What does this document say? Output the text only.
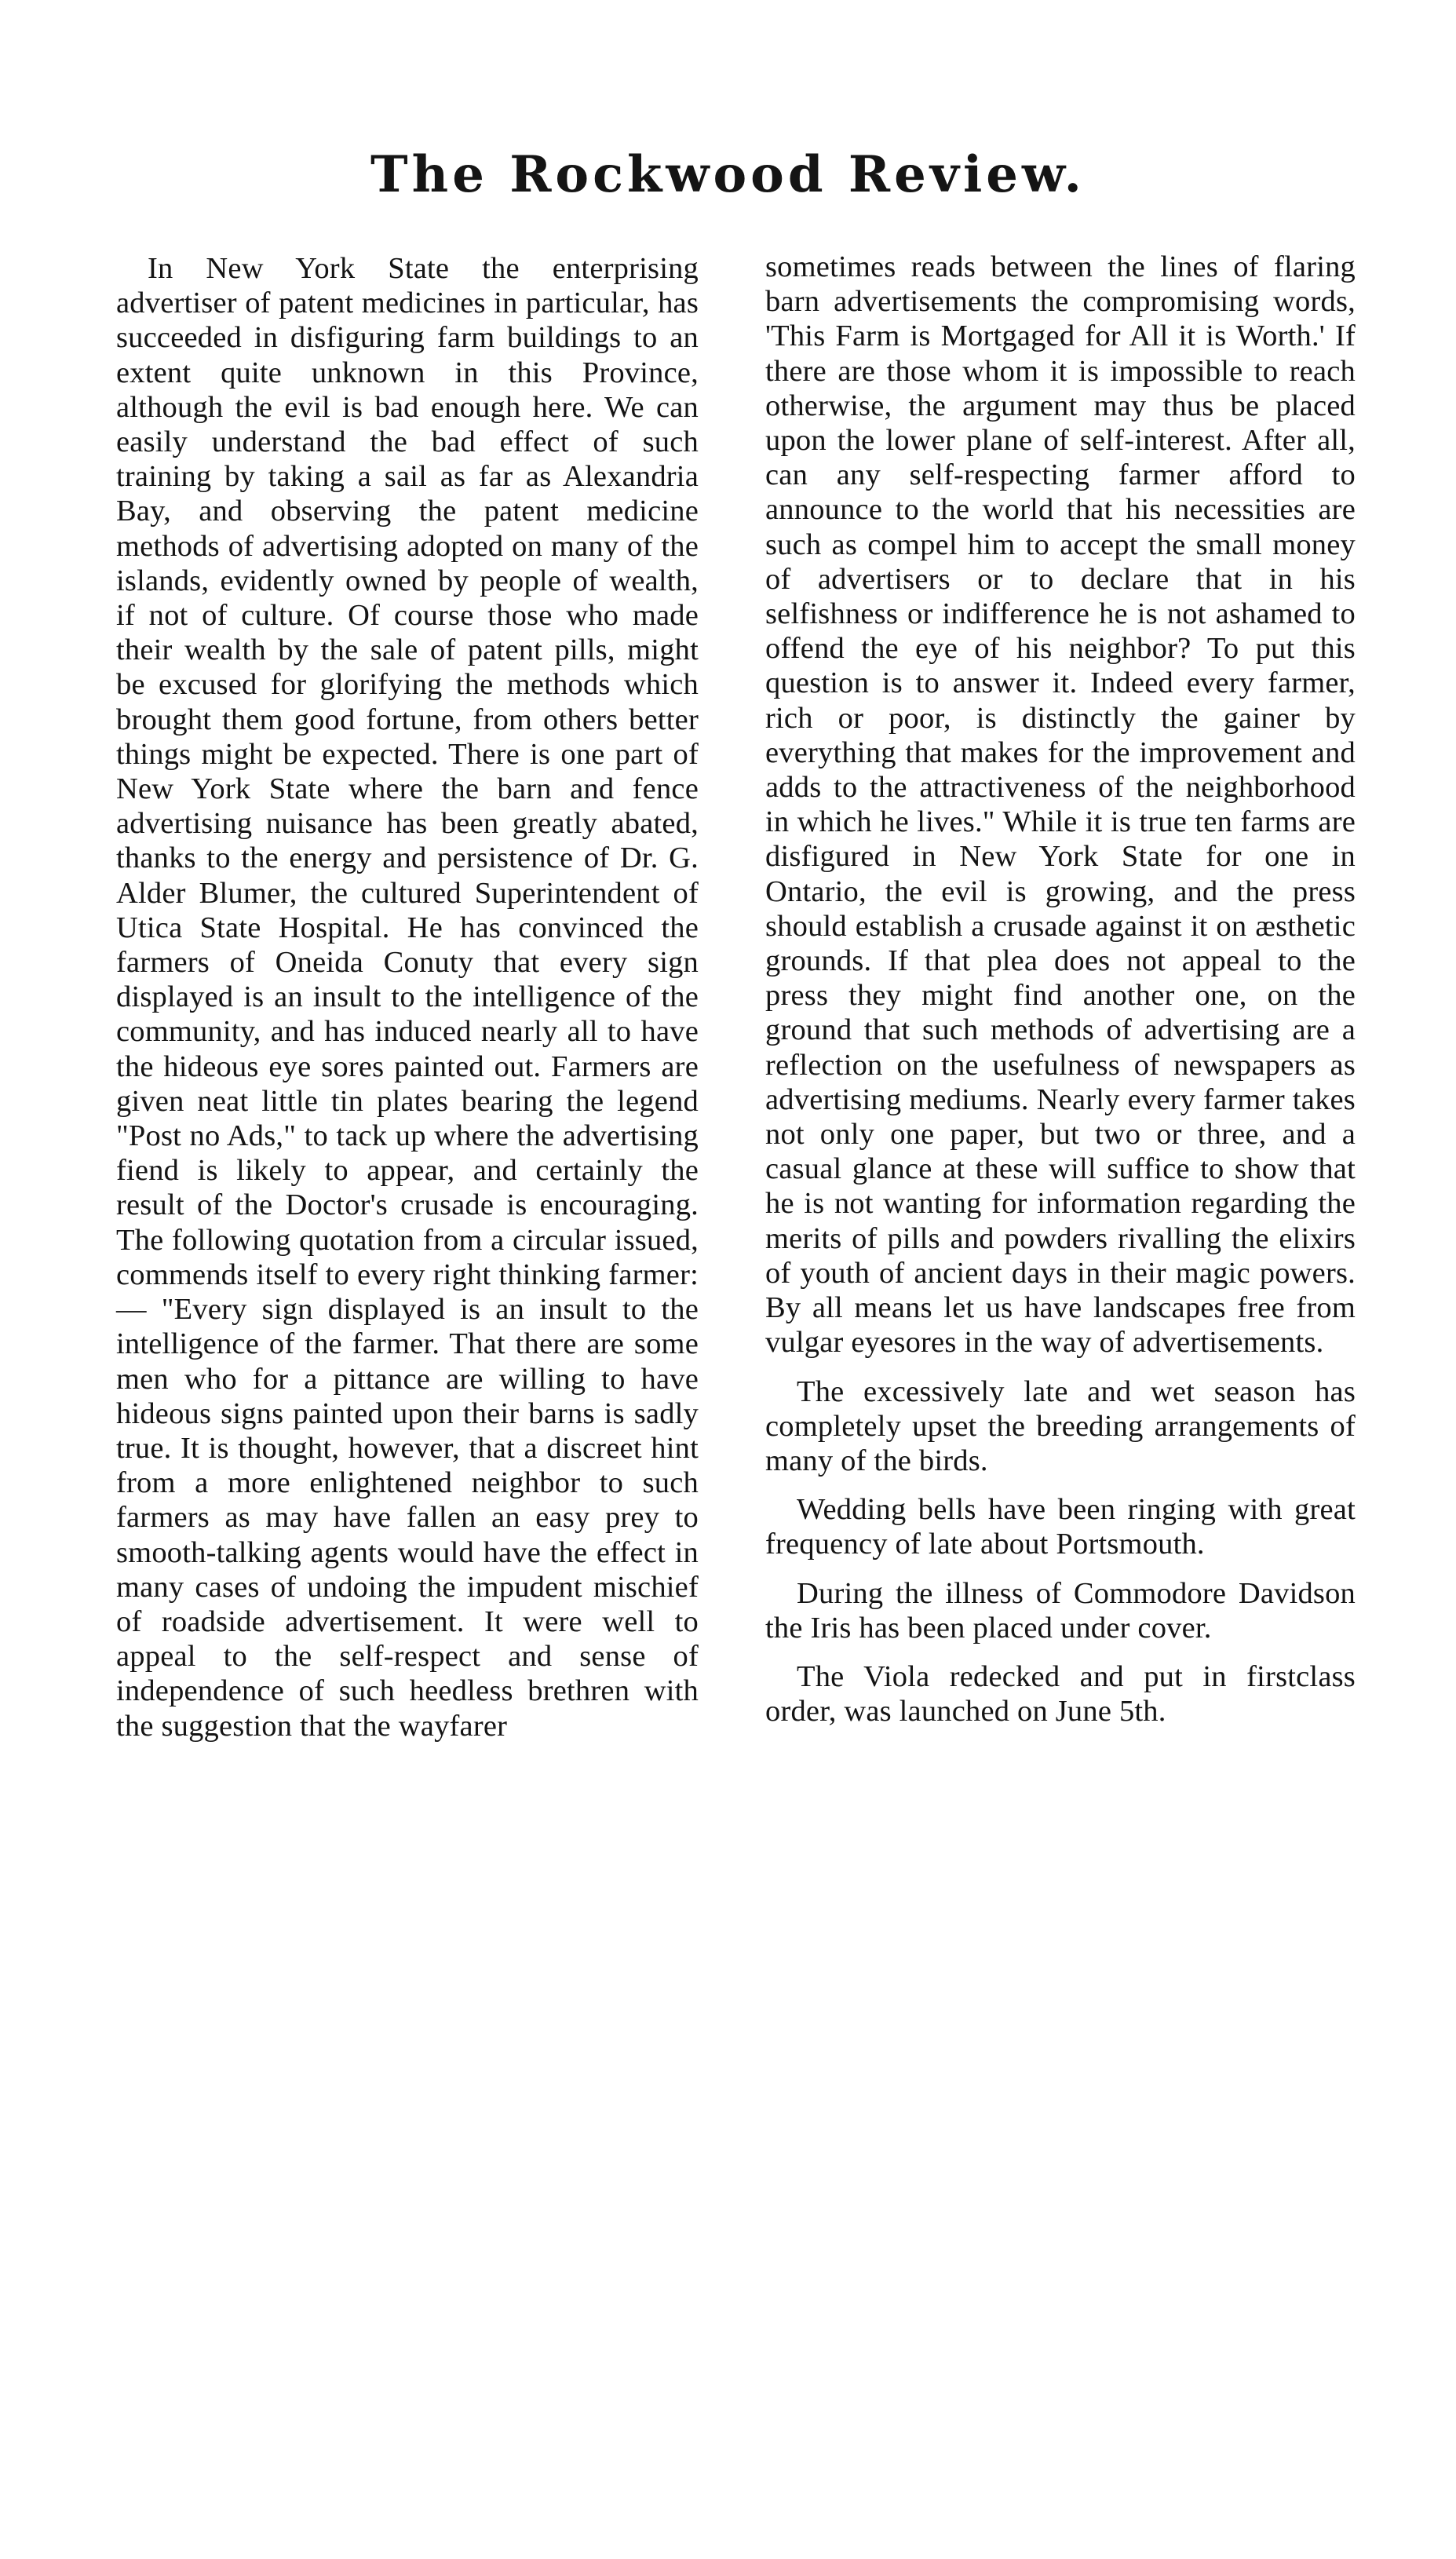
The Rockwood Review.

In New York State the enterprising advertiser of patent medicines in particular, has succeeded in disfiguring farm buildings to an extent quite unknown in this Province, although the evil is bad enough here. We can easily understand the bad effect of such training by taking a sail as far as Alexandria Bay, and observing the patent medicine methods of advertising adopted on many of the islands, evidently owned by people of wealth, if not of culture. Of course those who made their wealth by the sale of patent pills, might be excused for glorifying the methods which brought them good fortune, from others better things might be expected. There is one part of New York State where the barn and fence advertising nuisance has been greatly abated, thanks to the energy and persistence of Dr. G. Alder Blumer, the cultured Superintendent of Utica State Hospital. He has convinced the farmers of Oneida Conuty that every sign displayed is an insult to the intelligence of the community, and has induced nearly all to have the hideous eye sores painted out. Farmers are given neat little tin plates bearing the legend "Post no Ads," to tack up where the advertising fiend is likely to appear, and certainly the result of the Doctor's crusade is encouraging. The following quotation from a circular issued, commends itself to every right thinking farmer: — "Every sign displayed is an insult to the intelligence of the farmer. That there are some men who for a pittance are willing to have hideous signs painted upon their barns is sadly true. It is thought, however, that a discreet hint from a more enlightened neighbor to such farmers as may have fallen an easy prey to smooth-talking agents would have the effect in many cases of undoing the impudent mischief of roadside advertisement. It were well to appeal to the self-respect and sense of independence of such heedless brethren with the suggestion that the wayfarer

sometimes reads between the lines of flaring barn advertisements the compromising words, 'This Farm is Mortgaged for All it is Worth.' If there are those whom it is impossible to reach otherwise, the argument may thus be placed upon the lower plane of self-interest. After all, can any self-respecting farmer afford to announce to the world that his necessities are such as compel him to accept the small money of advertisers or to declare that in his selfishness or indifference he is not ashamed to offend the eye of his neighbor? To put this question is to answer it. Indeed every farmer, rich or poor, is distinctly the gainer by everything that makes for the improvement and adds to the attractiveness of the neighborhood in which he lives." While it is true ten farms are disfigured in New York State for one in Ontario, the evil is growing, and the press should establish a crusade against it on æsthetic grounds. If that plea does not appeal to the press they might find another one, on the ground that such methods of advertising are a reflection on the usefulness of newspapers as advertising mediums. Nearly every farmer takes not only one paper, but two or three, and a casual glance at these will suffice to show that he is not wanting for information regarding the merits of pills and powders rivalling the elixirs of youth of ancient days in their magic powers. By all means let us have landscapes free from vulgar eyesores in the way of advertisements.

The excessively late and wet season has completely upset the breeding arrangements of many of the birds.

Wedding bells have been ringing with great frequency of late about Portsmouth.

During the illness of Commodore Davidson the Iris has been placed under cover.

The Viola redecked and put in firstclass order, was launched on June 5th.
